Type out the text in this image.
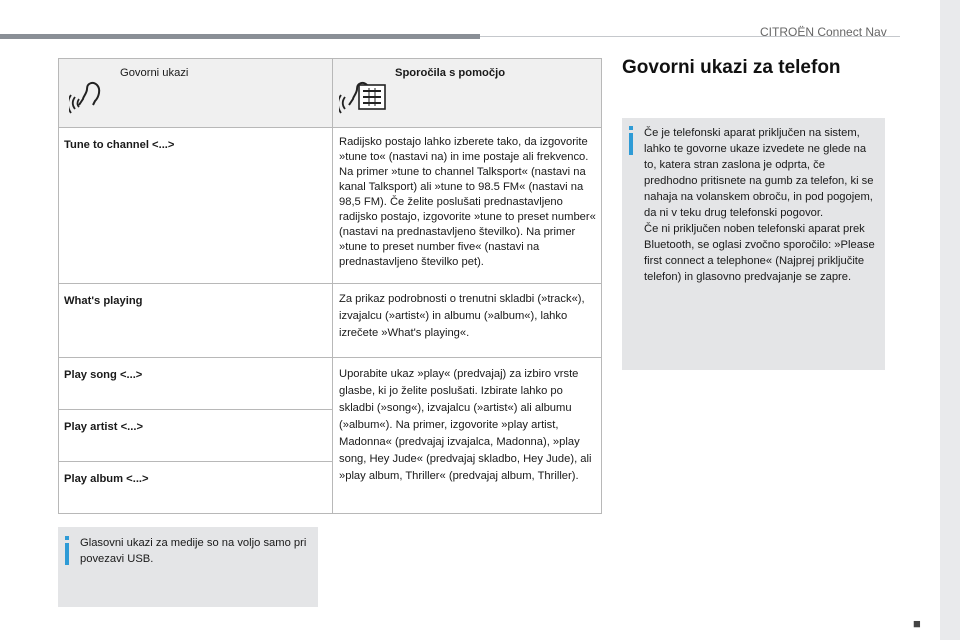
CITROËN Connect Nav
Govorni ukazi	Sporočila s pomočjo

Tune to channel <...>	Radijsko postajo lahko izberete tako, da izgovorite »tune to« (nastavi na) in ime postaje ali frekvenco. Na primer »tune to channel Talksport« (nastavi na kanal Talksport) ali »tune to 98.5 FM« (nastavi na 98,5 FM). Če želite poslušati prednastavljeno radijsko postajo, izgovorite »tune to preset number« (nastavi na prednastavljeno številko). Na primer »tune to preset number five« (nastavi na prednastavljeno številko pet).

What's playing	Za prikaz podrobnosti o trenutni skladbi (»track«), izvajalcu (»artist«) in albumu (»album«), lahko izrečete »What's playing«.

Play song <...>	Uporabite ukaz »play« (predvajaj) za izbiro vrste glasbe, ki jo želite poslušati. Izbirate lahko po skladbi (»song«), izvajalcu (»artist«) ali albumu (»album«). Na primer, izgovorite »play artist, Madonna« (predvajaj izvajalca, Madonna), »play song, Hey Jude« (predvajaj skladbo, Hey Jude), ali »play album, Thriller« (predvajaj album, Thriller).

Play artist <...>	

Play album <...>	
Glasovni ukazi za medije so na voljo samo pri povezavi USB.
Govorni ukazi za telefon
Če je telefonski aparat priključen na sistem, lahko te govorne ukaze izvedete ne glede na to, katera stran zaslona je odprta, če predhodno pritisnete na gumb za telefon, ki se nahaja na volanskem obroču, in pod pogojem, da ni v teku drug telefonski pogovor.
Če ni priključen noben telefonski aparat prek Bluetooth, se oglasi zvočno sporočilo: »Please first connect a telephone« (Najprej priključite telefon) in glasovno predvajanje se zapre.
■
